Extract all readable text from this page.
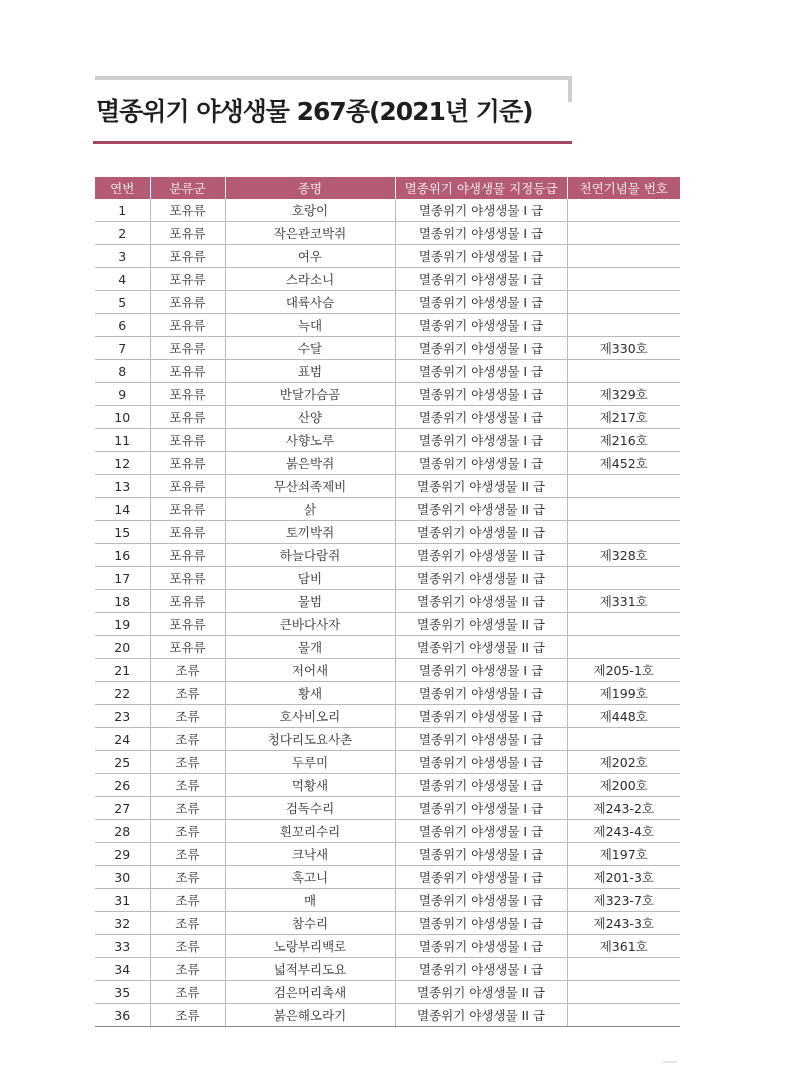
멸종위기 야생생물 267종(2021년 기준)
연번	분류군	종명	멸종위기 야생생물 지정등급	천연기념물 번호
1	포유류	호랑이	멸종위기 야생생물 I 급	
2	포유류	작은관코박쥐	멸종위기 야생생물 I 급	
3	포유류	여우	멸종위기 야생생물 I 급	
4	포유류	스라소니	멸종위기 야생생물 I 급	
5	포유류	대륙사슴	멸종위기 야생생물 I 급	
6	포유류	늑대	멸종위기 야생생물 I 급	
7	포유류	수달	멸종위기 야생생물 I 급	제330호
8	포유류	표범	멸종위기 야생생물 I 급	
9	포유류	반달가슴곰	멸종위기 야생생물 I 급	제329호
10	포유류	산양	멸종위기 야생생물 I 급	제217호
11	포유류	사향노루	멸종위기 야생생물 I 급	제216호
12	포유류	붉은박쥐	멸종위기 야생생물 I 급	제452호
13	포유류	무산쇠족제비	멸종위기 야생생물 II 급	
14	포유류	삵	멸종위기 야생생물 II 급	
15	포유류	토끼박쥐	멸종위기 야생생물 II 급	
16	포유류	하늘다람쥐	멸종위기 야생생물 II 급	제328호
17	포유류	담비	멸종위기 야생생물 II 급	
18	포유류	물범	멸종위기 야생생물 II 급	제331호
19	포유류	큰바다사자	멸종위기 야생생물 II 급	
20	포유류	물개	멸종위기 야생생물 II 급	
21	조류	저어새	멸종위기 야생생물 I 급	제205-1호
22	조류	황새	멸종위기 야생생물 I 급	제199호
23	조류	호사비오리	멸종위기 야생생물 I 급	제448호
24	조류	청다리도요사촌	멸종위기 야생생물 I 급	
25	조류	두루미	멸종위기 야생생물 I 급	제202호
26	조류	먹황새	멸종위기 야생생물 I 급	제200호
27	조류	검독수리	멸종위기 야생생물 I 급	제243-2호
28	조류	흰꼬리수리	멸종위기 야생생물 I 급	제243-4호
29	조류	크낙새	멸종위기 야생생물 I 급	제197호
30	조류	혹고니	멸종위기 야생생물 I 급	제201-3호
31	조류	매	멸종위기 야생생물 I 급	제323-7호
32	조류	참수리	멸종위기 야생생물 I 급	제243-3호
33	조류	노랑부리백로	멸종위기 야생생물 I 급	제361호
34	조류	넓적부리도요	멸종위기 야생생물 I 급	
35	조류	검은머리촉새	멸종위기 야생생물 II 급	
36	조류	붉은해오라기	멸종위기 야생생물 II 급	
